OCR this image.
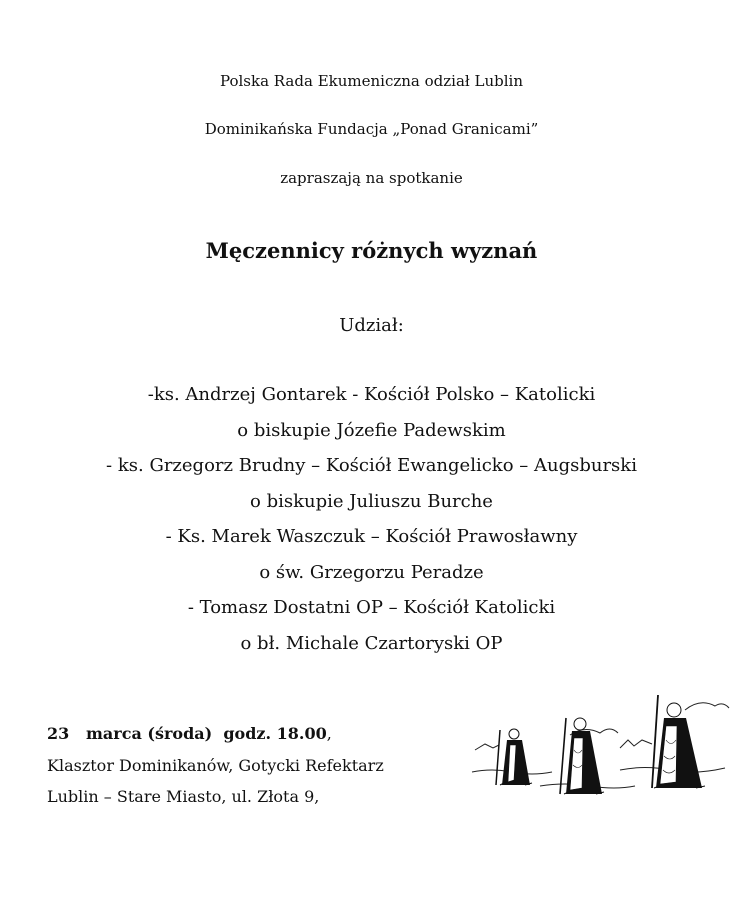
Polska Rada Ekumeniczna odział Lublin
Dominikańska Fundacja „Ponad Granicami”
zapraszają na spotkanie
Męczennicy różnych wyznań
Udział:
-ks. Andrzej Gontarek - Kościół Polsko – Katolicki
o biskupie Józefie Padewskim
- ks. Grzegorz Brudny – Kościół Ewangelicko – Augsburski
o biskupie Juliuszu Burche
- Ks. Marek Waszczuk – Kościół Prawosławny
o św. Grzegorzu Peradze
- Tomasz Dostatni OP – Kościół Katolicki
o bł. Michale Czartoryski OP
23   marca (środa)  godz. 18.00,
Klasztor Dominikanów, Gotycki Refektarz
Lublin – Stare Miasto, ul. Złota 9,
